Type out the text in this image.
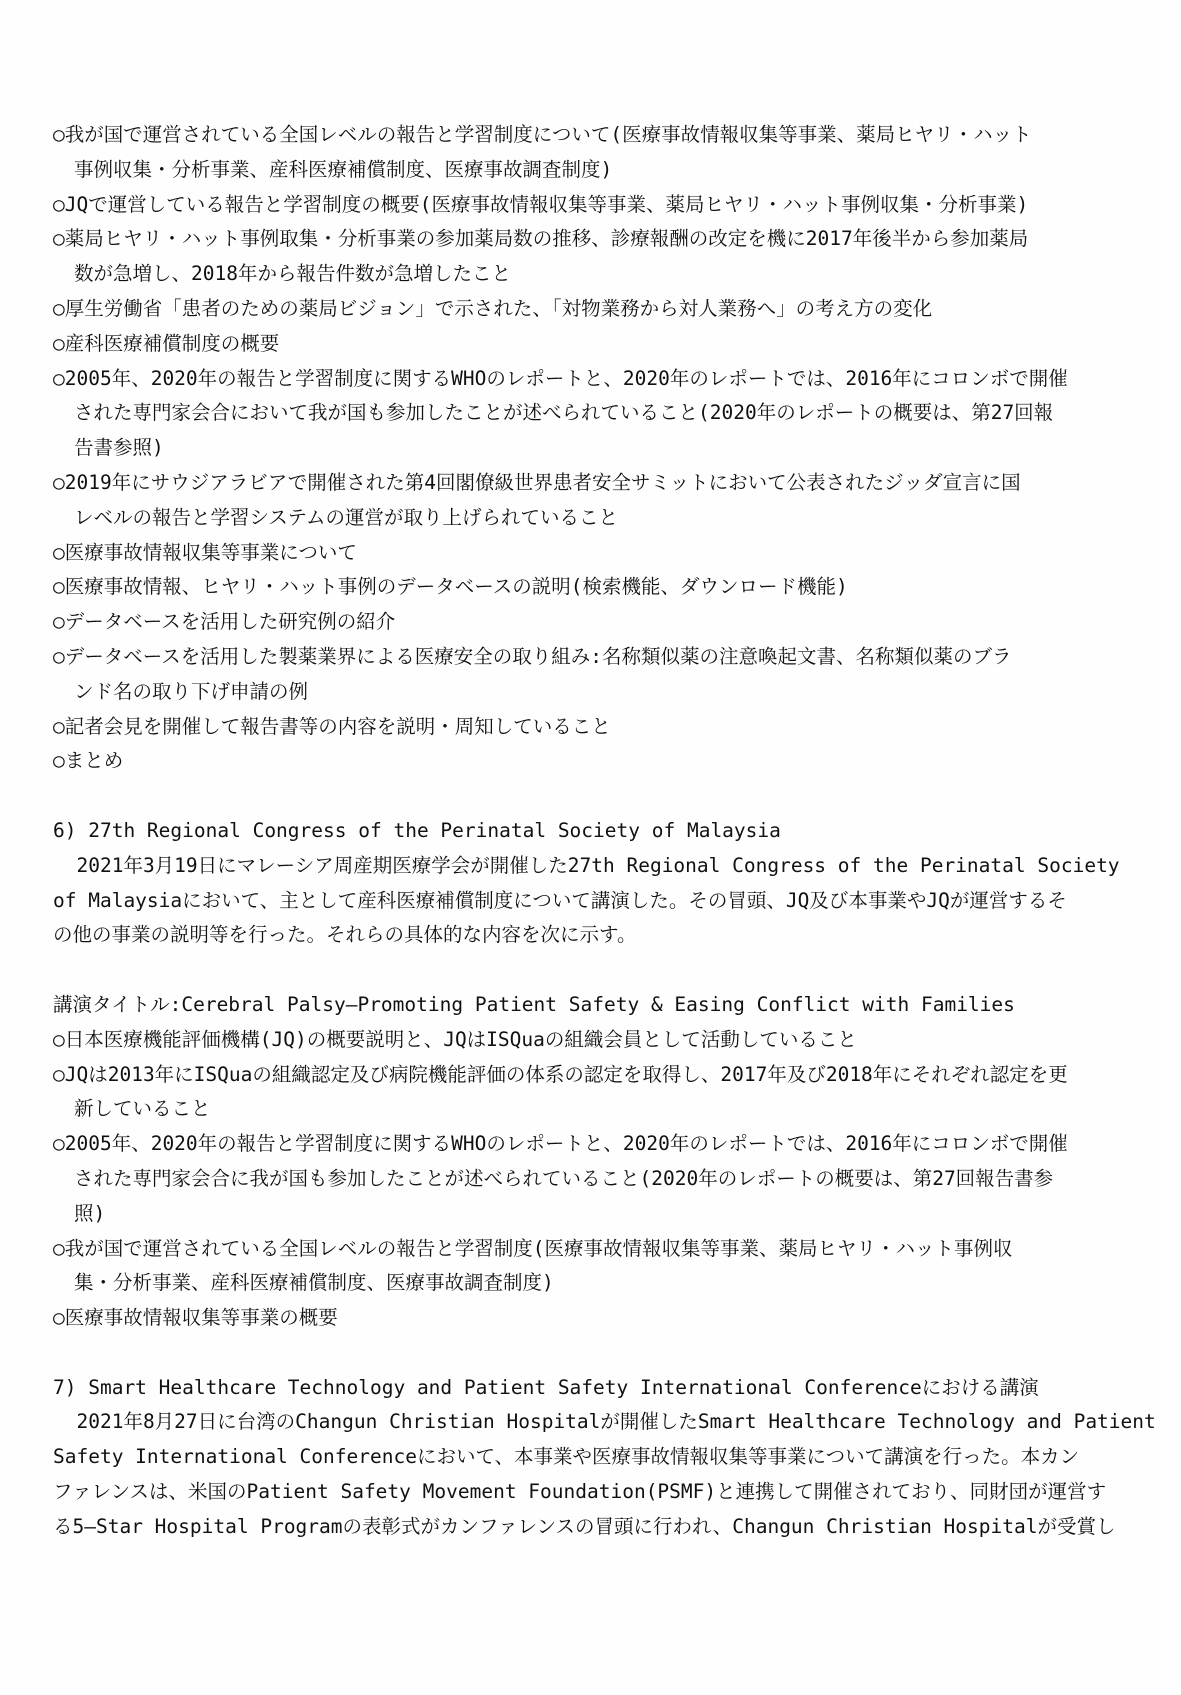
○我が国で運営されている全国レベルの報告と学習制度について(医療事故情報収集等事業、薬局ヒヤリ・ハット
事例収集・分析事業、産科医療補償制度、医療事故調査制度)
○JQで運営している報告と学習制度の概要(医療事故情報収集等事業、薬局ヒヤリ・ハット事例収集・分析事業)
○薬局ヒヤリ・ハット事例取集・分析事業の参加薬局数の推移、診療報酬の改定を機に2017年後半から参加薬局
数が急増し、2018年から報告件数が急増したこと
○厚生労働省「患者のための薬局ビジョン」で示された、「対物業務から対人業務へ」の考え方の変化
○産科医療補償制度の概要
○2005年、2020年の報告と学習制度に関するWHOのレポートと、2020年のレポートでは、2016年にコロンボで開催
された専門家会合において我が国も参加したことが述べられていること(2020年のレポートの概要は、第27回報
告書参照)
○2019年にサウジアラビアで開催された第4回閣僚級世界患者安全サミットにおいて公表されたジッダ宣言に国
レベルの報告と学習システムの運営が取り上げられていること
○医療事故情報収集等事業について
○医療事故情報、ヒヤリ・ハット事例のデータベースの説明(検索機能、ダウンロード機能)
○データベースを活用した研究例の紹介
○データベースを活用した製薬業界による医療安全の取り組み:名称類似薬の注意喚起文書、名称類似薬のブラ
ンド名の取り下げ申請の例
○記者会見を開催して報告書等の内容を説明・周知していること
○まとめ
6) 27th Regional Congress of the Perinatal Society of Malaysia
2021年3月19日にマレーシア周産期医療学会が開催した27th Regional Congress of the Perinatal Society
of Malaysiaにおいて、主として産科医療補償制度について講演した。その冒頭、JQ及び本事業やJQが運営するそ
の他の事業の説明等を行った。それらの具体的な内容を次に示す。
講演タイトル:Cerebral Palsy—Promoting Patient Safety & Easing Conflict with Families
○日本医療機能評価機構(JQ)の概要説明と、JQはISQuaの組織会員として活動していること
○JQは2013年にISQuaの組織認定及び病院機能評価の体系の認定を取得し、2017年及び2018年にそれぞれ認定を更
新していること
○2005年、2020年の報告と学習制度に関するWHOのレポートと、2020年のレポートでは、2016年にコロンボで開催
された専門家会合に我が国も参加したことが述べられていること(2020年のレポートの概要は、第27回報告書参
照)
○我が国で運営されている全国レベルの報告と学習制度(医療事故情報収集等事業、薬局ヒヤリ・ハット事例収
集・分析事業、産科医療補償制度、医療事故調査制度)
○医療事故情報収集等事業の概要
7) Smart Healthcare Technology and Patient Safety International Conferenceにおける講演
2021年8月27日に台湾のChangun Christian Hospitalが開催したSmart Healthcare Technology and Patient
Safety International Conferenceにおいて、本事業や医療事故情報収集等事業について講演を行った。本カン
ファレンスは、米国のPatient Safety Movement Foundation(PSMF)と連携して開催されており、同財団が運営す
る5—Star Hospital Programの表彰式がカンファレンスの冒頭に行われ、Changun Christian Hospitalが受賞し
